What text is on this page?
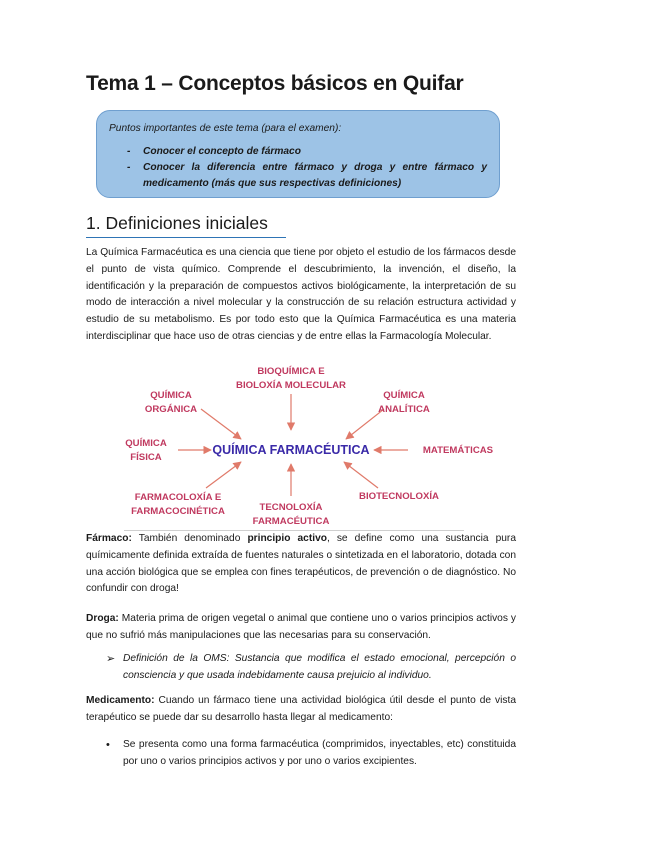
Tema 1 – Conceptos básicos en Quifar
Puntos importantes de este tema (para el examen):
- Conocer el concepto de fármaco
- Conocer la diferencia entre fármaco y droga y entre fármaco y medicamento (más que sus respectivas definiciones)
1. Definiciones iniciales

La Química Farmacéutica es una ciencia que tiene por objeto el estudio de los fármacos desde el punto de vista químico. Comprende el descubrimiento, la invención, el diseño, la identificación y la preparación de compuestos activos biológicamente, la interpretación de su modo de interacción a nivel molecular y la construcción de su relación estructura actividad y estudio de su metabolismo. Es por todo esto que la Química Farmacéutica es una materia interdisciplinar que hace uso de otras ciencias y de entre ellas la Farmacología Molecular.

QUÍMICA FARMACÉUTICA
BIOQUÍMICA E
BIOLOXÍA MOLECULAR
QUÍMICA
ORGÁNICA
QUÍMICA
ANALÍTICA
QUÍMICA
FÍSICA
MATEMÁTICAS
FARMACOLOXÍA E
FARMACOCINÉTICA	TECNOLOXÍA
FARMACÉUTICA
BIOTECNOLOXÍA

Fármaco: También denominado principio activo, se define como una sustancia pura químicamente definida extraída de fuentes naturales o sintetizada en el laboratorio, dotada con una acción biológica que se emplea con fines terapéuticos, de prevención o de diagnóstico. No confundir con droga!

Droga: Materia prima de origen vegetal o animal que contiene uno o varios principios activos y que no sufrió más manipulaciones que las necesarias para su conservación.

➢ Definición de la OMS: Sustancia que modifica el estado emocional, percepción o consciencia y que usada indebidamente causa prejuicio al individuo.

Medicamento: Cuando un fármaco tiene una actividad biológica útil desde el punto de vista terapéutico se puede dar su desarrollo hasta llegar al medicamento:

•	Se presenta como una forma farmacéutica (comprimidos, inyectables, etc) constituida por uno o varios principios activos y por uno o varios excipientes.
